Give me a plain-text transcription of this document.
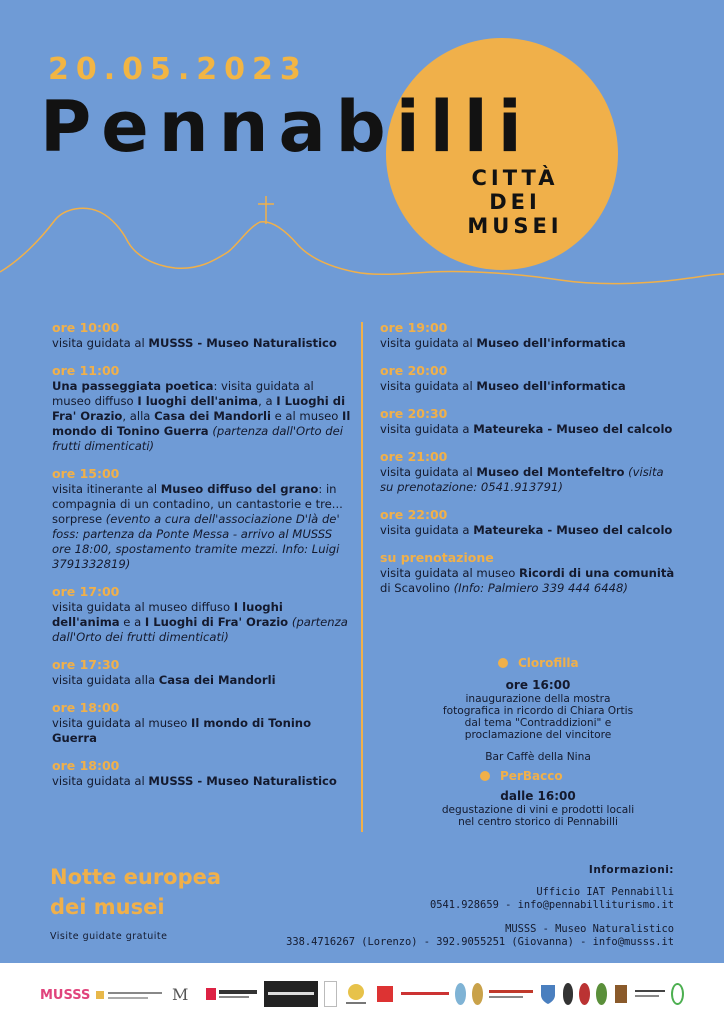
20.05.2023
Pennabilli
CITTÀ
DEI
MUSEI
ore 10:00

visita guidata al MUSSS - Museo Naturalistico

ore 11:00

Una passeggiata poetica: visita guidata al museo diffuso I luoghi dell'anima, a I Luoghi di Fra' Orazio, alla Casa dei Mandorli e al museo Il mondo di Tonino Guerra (partenza dall'Orto dei frutti dimenticati)

ore 15:00

visita itinerante al Museo diffuso del grano: in compagnia di un contadino, un cantastorie e tre... sorprese (evento a cura dell'associazione D'là de' foss: partenza da Ponte Messa - arrivo al MUSSS ore 18:00, spostamento tramite mezzi. Info: Luigi 3791332819)

ore 17:00

visita guidata al museo diffuso I luoghi dell'anima e a I Luoghi di Fra' Orazio (partenza dall'Orto dei frutti dimenticati)

ore 17:30

visita guidata alla Casa dei Mandorli

ore 18:00

visita guidata al museo Il mondo di Tonino Guerra

ore 18:00

visita guidata al MUSSS - Museo Naturalistico

ore 19:00

visita guidata al Museo dell'informatica

ore 20:00

visita guidata al Museo dell'informatica

ore 20:30

visita guidata a Mateureka - Museo del calcolo

ore 21:00

visita guidata al Museo del Montefeltro (visita su prenotazione: 0541.913791)

ore 22:00

visita guidata a Mateureka - Museo del calcolo

su prenotazione

visita guidata al museo Ricordi di una comunità di Scavolino (Info: Palmiero 339 444 6448)

Clorofilla
ore 16:00
inaugurazione della mostra
fotografica in ricordo di Chiara Ortis
dal tema "Contraddizioni" e
proclamazione del vincitore
Bar Caffè della Nina
PerBacco
dalle 16:00
degustazione di vini e prodotti locali
nel centro storico di Pennabilli
Notte europea
dei musei
Visite guidate gratuite
Informazioni:
Ufficio IAT Pennabilli
0541.928659 - info@pennabilliturismo.it
MUSSS - Museo Naturalistico
338.4716267 (Lorenzo) - 392.9055251 (Giovanna) - info@musss.it
MUSSS	M
